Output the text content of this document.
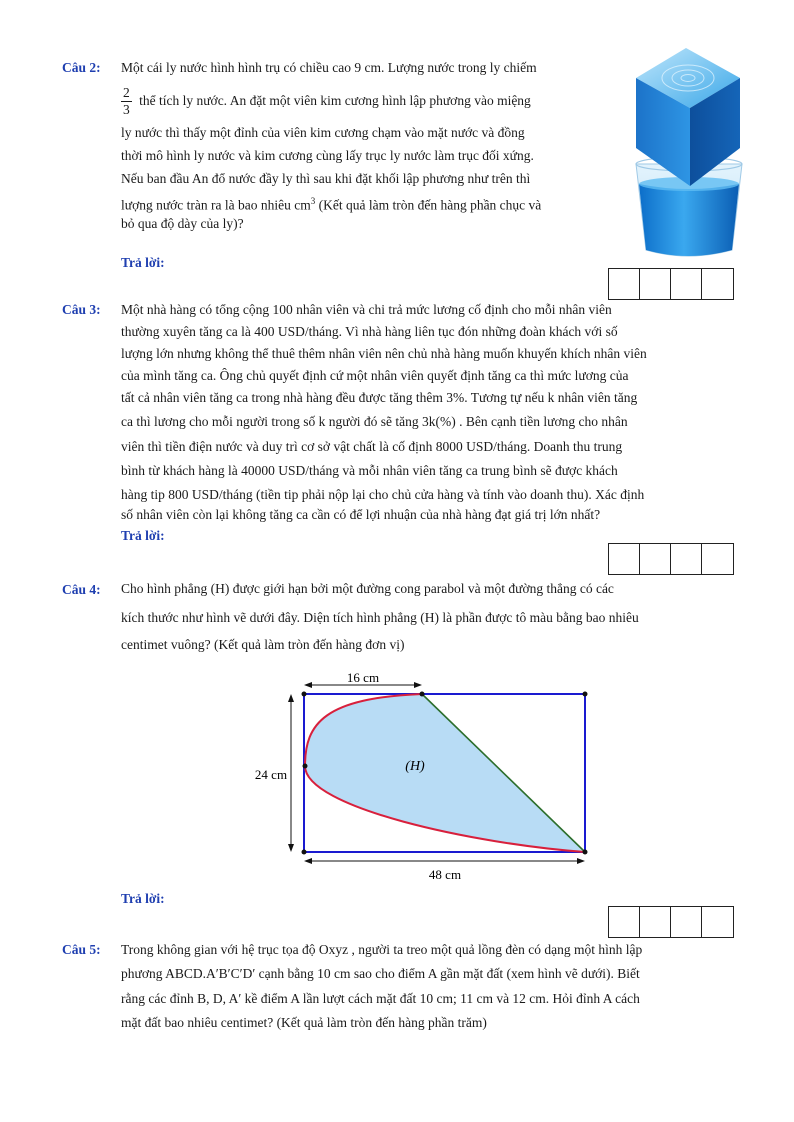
Câu 2: Một cái ly nước hình hình trụ có chiều cao 9 cm. Lượng nước trong ly chiếm
$\frac{2}{3}$ thể tích ly nước. An đặt một viên kim cương hình lập phương vào miệng
ly nước thì thấy một đỉnh của viên kim cương chạm vào mặt nước và đồng
thời mô hình ly nước và kim cương cùng lấy trục ly nước làm trục đối xứng.
Nếu ban đầu An đổ nước đầy ly thì sau khi đặt khối lập phương như trên thì
lượng nước tràn ra là bao nhiêu $cm^3$ (Kết quả làm tròn đến hàng phần chục và
bỏ qua độ dày của ly)?
Trả lời:
Câu 3: Một nhà hàng có tổng cộng 100 nhân viên và chi trả mức lương cố định cho mỗi nhân viên
thường xuyên tăng ca là 400 USD/tháng. Vì nhà hàng liên tục đón những đoàn khách với số
lượng lớn nhưng không thể thuê thêm nhân viên nên chủ nhà hàng muốn khuyến khích nhân viên
của mình tăng ca. Ông chủ quyết định cứ một nhân viên quyết định tăng ca thì mức lương của
tất cả nhân viên tăng ca trong nhà hàng đều được tăng thêm 3%. Tương tự nếu k nhân viên tăng
ca thì lương cho mỗi người trong số k người đó sẽ tăng 3k(%) . Bên cạnh tiền lương cho nhân
viên thì tiền điện nước và duy trì cơ sở vật chất là cố định 8000 USD/tháng. Doanh thu trung
bình từ khách hàng là 40000 USD/tháng và mỗi nhân viên tăng ca trung bình sẽ được khách
hàng tip 800 USD/tháng (tiền tip phải nộp lại cho chủ cửa hàng và tính vào doanh thu). Xác định
số nhân viên còn lại không tăng ca cần có để lợi nhuận của nhà hàng đạt giá trị lớn nhất?
Trả lời:
Câu 4: Cho hình phẳng (H) được giới hạn bởi một đường cong parabol và một đường thẳng có các
kích thước như hình vẽ dưới đây. Diện tích hình phẳng (H) là phần được tô màu bằng bao nhiêu
centimet vuông? (Kết quả làm tròn đến hàng đơn vị)
16 cm
24 cm
48 cm
(H)
Trả lời:
Câu 5: Trong không gian với hệ trục tọa độ Oxyz , người ta treo một quả lồng đèn có dạng một hình lập
phương ABCD.A′B′C′D′ cạnh bằng 10 cm sao cho điểm A gần mặt đất (xem hình vẽ dưới). Biết
rằng các đỉnh B, D, A′ kề điểm A lần lượt cách mặt đất 10 cm; 11 cm và 12 cm. Hỏi đỉnh A cách
mặt đất bao nhiêu centimet? (Kết quả làm tròn đến hàng phần trăm)
